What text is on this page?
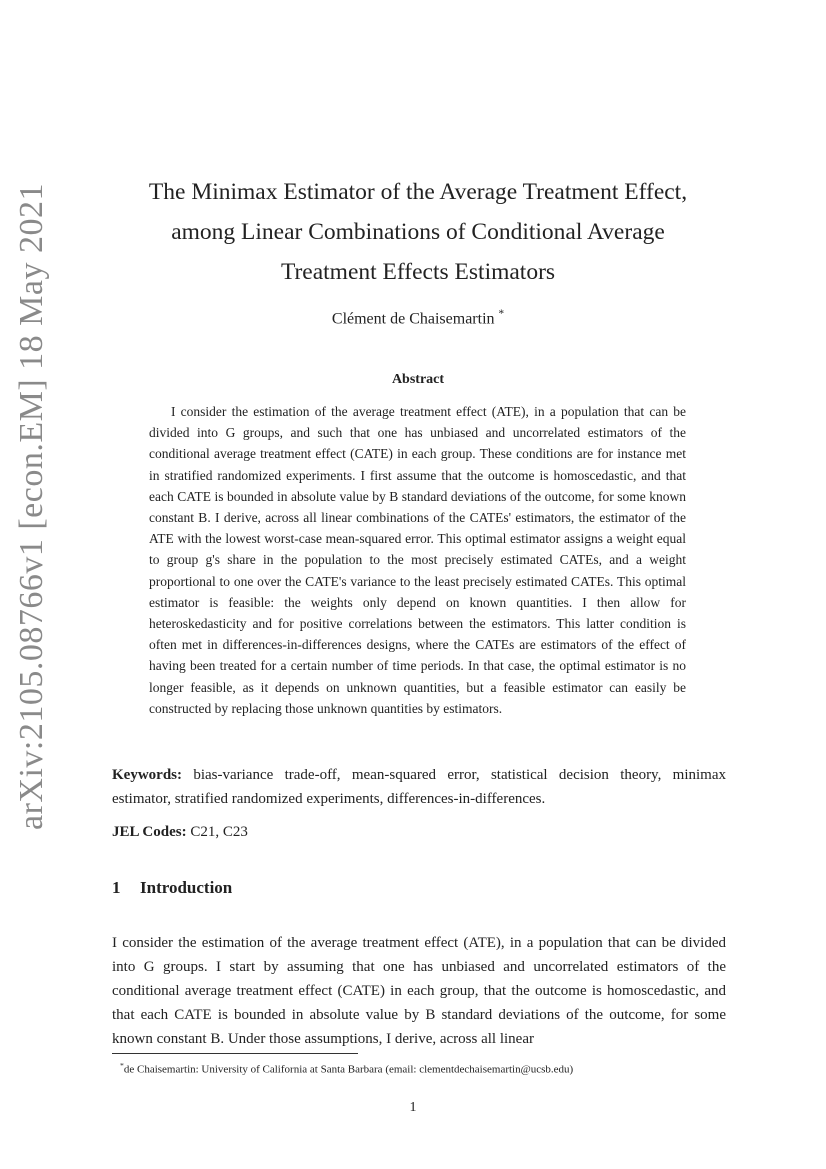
arXiv:2105.08766v1 [econ.EM] 18 May 2021	The Minimax Estimator of the Average Treatment Effect,
among Linear Combinations of Conditional Average
Treatment Effects Estimators
Clément de Chaisemartin *
Abstract

I consider the estimation of the average treatment effect (ATE), in a population that can be divided into G groups, and such that one has unbiased and uncorrelated estimators of the conditional average treatment effect (CATE) in each group. These conditions are for instance met in stratified randomized experiments. I first assume that the outcome is homoscedastic, and that each CATE is bounded in absolute value by B standard deviations of the outcome, for some known constant B. I derive, across all linear combinations of the CATEs' estimators, the estimator of the ATE with the lowest worst-case mean-squared error. This optimal estimator assigns a weight equal to group g's share in the population to the most precisely estimated CATEs, and a weight proportional to one over the CATE's variance to the least precisely estimated CATEs. This optimal estimator is feasible: the weights only depend on known quantities. I then allow for heteroskedasticity and for positive correlations between the estimators. This latter condition is often met in differences-in-differences designs, where the CATEs are estimators of the effect of having been treated for a certain number of time periods. In that case, the optimal estimator is no longer feasible, as it depends on unknown quantities, but a feasible estimator can easily be constructed by replacing those unknown quantities by estimators.

Keywords: bias-variance trade-off, mean-squared error, statistical decision theory, minimax estimator, stratified randomized experiments, differences-in-differences.

JEL Codes: C21, C23

1 Introduction

I consider the estimation of the average treatment effect (ATE), in a population that can be divided into G groups. I start by assuming that one has unbiased and uncorrelated estimators of the conditional average treatment effect (CATE) in each group, that the outcome is homoscedastic, and that each CATE is bounded in absolute value by B standard deviations of the outcome, for some known constant B. Under those assumptions, I derive, across all linear

*de Chaisemartin: University of California at Santa Barbara (email: clementdechaisemartin@ucsb.edu)

1
